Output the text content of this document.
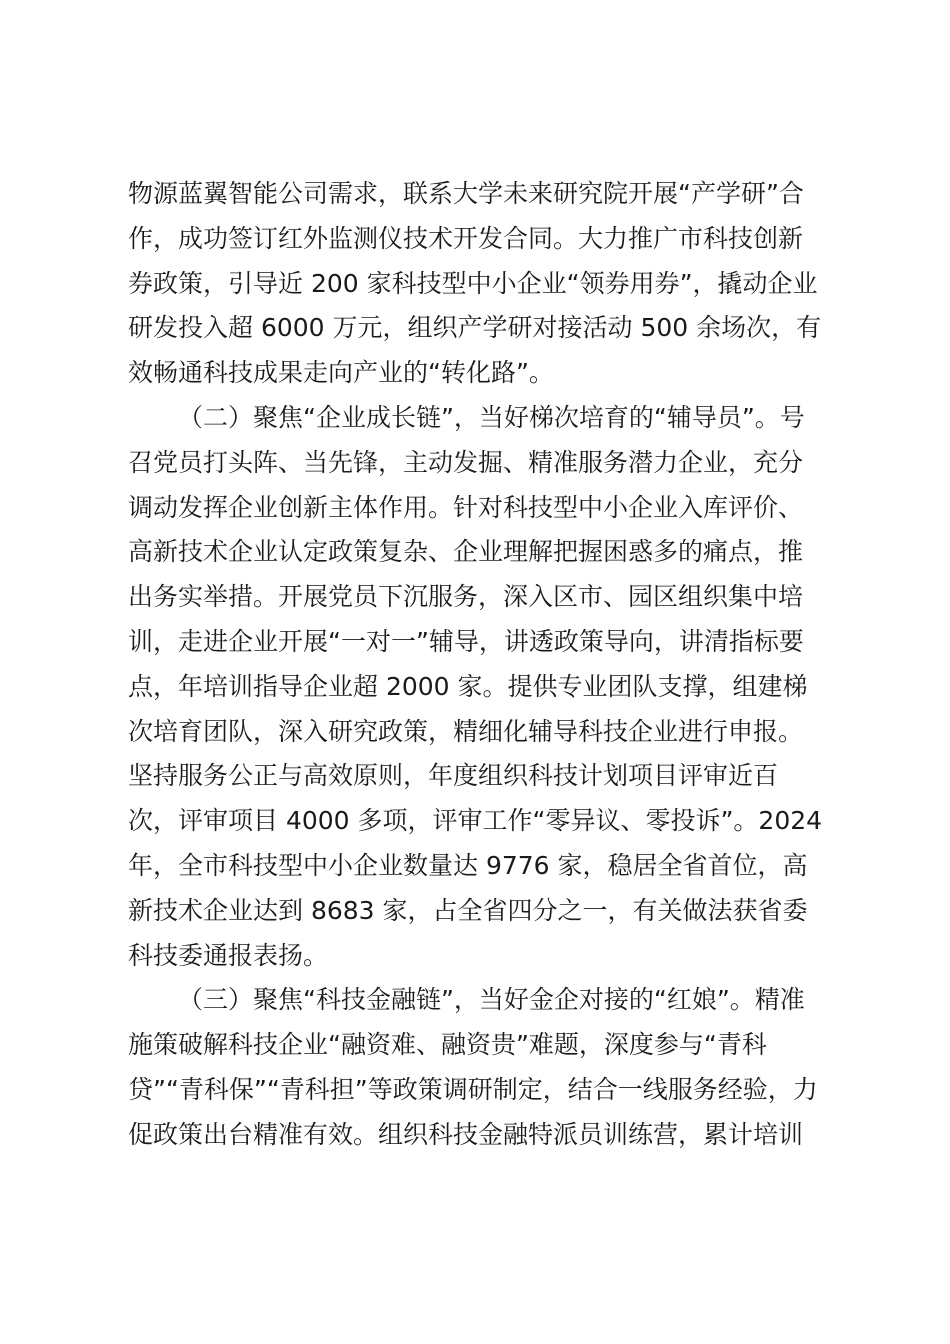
物源蓝翼智能公司需求，联系大学未来研究院开展“产学研”合
作，成功签订红外监测仪技术开发合同。大力推广市科技创新
券政策，引导近 200 家科技型中小企业“领券用券”，撬动企业
研发投入超 6000 万元，组织产学研对接活动 500 余场次，有
效畅通科技成果走向产业的“转化路”。
（二）聚焦“企业成长链”，当好梯次培育的“辅导员”。号
召党员打头阵、当先锋，主动发掘、精准服务潜力企业，充分
调动发挥企业创新主体作用。针对科技型中小企业入库评价、
高新技术企业认定政策复杂、企业理解把握困惑多的痛点，推
出务实举措。开展党员下沉服务，深入区市、园区组织集中培
训，走进企业开展“一对一”辅导，讲透政策导向，讲清指标要
点，年培训指导企业超 2000 家。提供专业团队支撑，组建梯
次培育团队，深入研究政策，精细化辅导科技企业进行申报。
坚持服务公正与高效原则，年度组织科技计划项目评审近百
次，评审项目 4000 多项，评审工作“零异议、零投诉”。2024
年，全市科技型中小企业数量达 9776 家，稳居全省首位，高
新技术企业达到 8683 家，占全省四分之一，有关做法获省委
科技委通报表扬。
（三）聚焦“科技金融链”，当好金企对接的“红娘”。精准
施策破解科技企业“融资难、融资贵”难题，深度参与“青科
贷”“青科保”“青科担”等政策调研制定，结合一线服务经验，力
促政策出台精准有效。组织科技金融特派员训练营，累计培训
